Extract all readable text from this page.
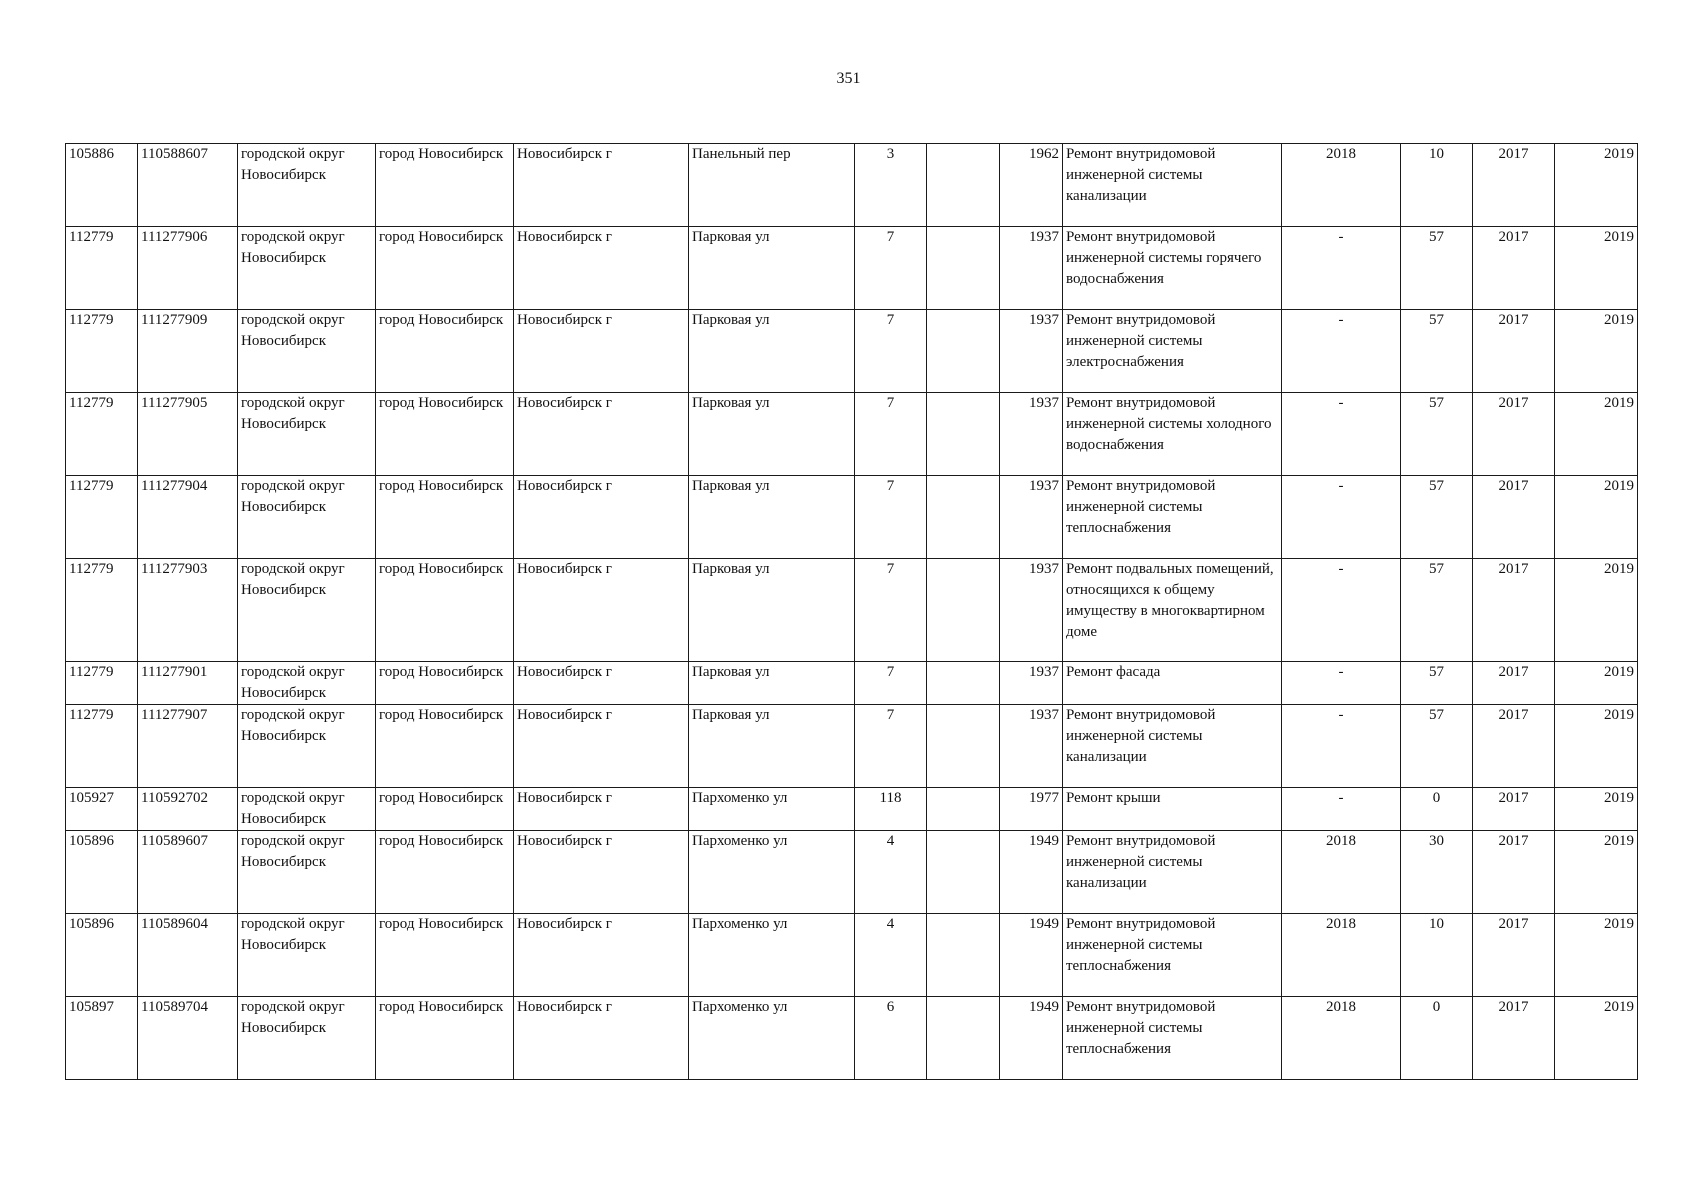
351
105886	110588607	городской округ Новосибирск	город Новосибирск	Новосибирск г	Панельный пер	3		1962	Ремонт внутридомовой инженерной системы канализации	2018	10	2017	2019
112779	111277906	городской округ Новосибирск	город Новосибирск	Новосибирск г	Парковая ул	7		1937	Ремонт внутридомовой инженерной системы горячего водоснабжения	-	57	2017	2019
112779	111277909	городской округ Новосибирск	город Новосибирск	Новосибирск г	Парковая ул	7		1937	Ремонт внутридомовой инженерной системы электроснабжения	-	57	2017	2019
112779	111277905	городской округ Новосибирск	город Новосибирск	Новосибирск г	Парковая ул	7		1937	Ремонт внутридомовой инженерной системы холодного водоснабжения	-	57	2017	2019
112779	111277904	городской округ Новосибирск	город Новосибирск	Новосибирск г	Парковая ул	7		1937	Ремонт внутридомовой инженерной системы теплоснабжения	-	57	2017	2019
112779	111277903	городской округ Новосибирск	город Новосибирск	Новосибирск г	Парковая ул	7		1937	Ремонт подвальных помещений, относящихся к общему имуществу в многоквартирном доме	-	57	2017	2019
112779	111277901	городской округ Новосибирск	город Новосибирск	Новосибирск г	Парковая ул	7		1937	Ремонт фасада	-	57	2017	2019
112779	111277907	городской округ Новосибирск	город Новосибирск	Новосибирск г	Парковая ул	7		1937	Ремонт внутридомовой инженерной системы канализации	-	57	2017	2019
105927	110592702	городской округ Новосибирск	город Новосибирск	Новосибирск г	Пархоменко ул	118		1977	Ремонт крыши	-	0	2017	2019
105896	110589607	городской округ Новосибирск	город Новосибирск	Новосибирск г	Пархоменко ул	4		1949	Ремонт внутридомовой инженерной системы канализации	2018	30	2017	2019
105896	110589604	городской округ Новосибирск	город Новосибирск	Новосибирск г	Пархоменко ул	4		1949	Ремонт внутридомовой инженерной системы теплоснабжения	2018	10	2017	2019
105897	110589704	городской округ Новосибирск	город Новосибирск	Новосибирск г	Пархоменко ул	6		1949	Ремонт внутридомовой инженерной системы теплоснабжения	2018	0	2017	2019
